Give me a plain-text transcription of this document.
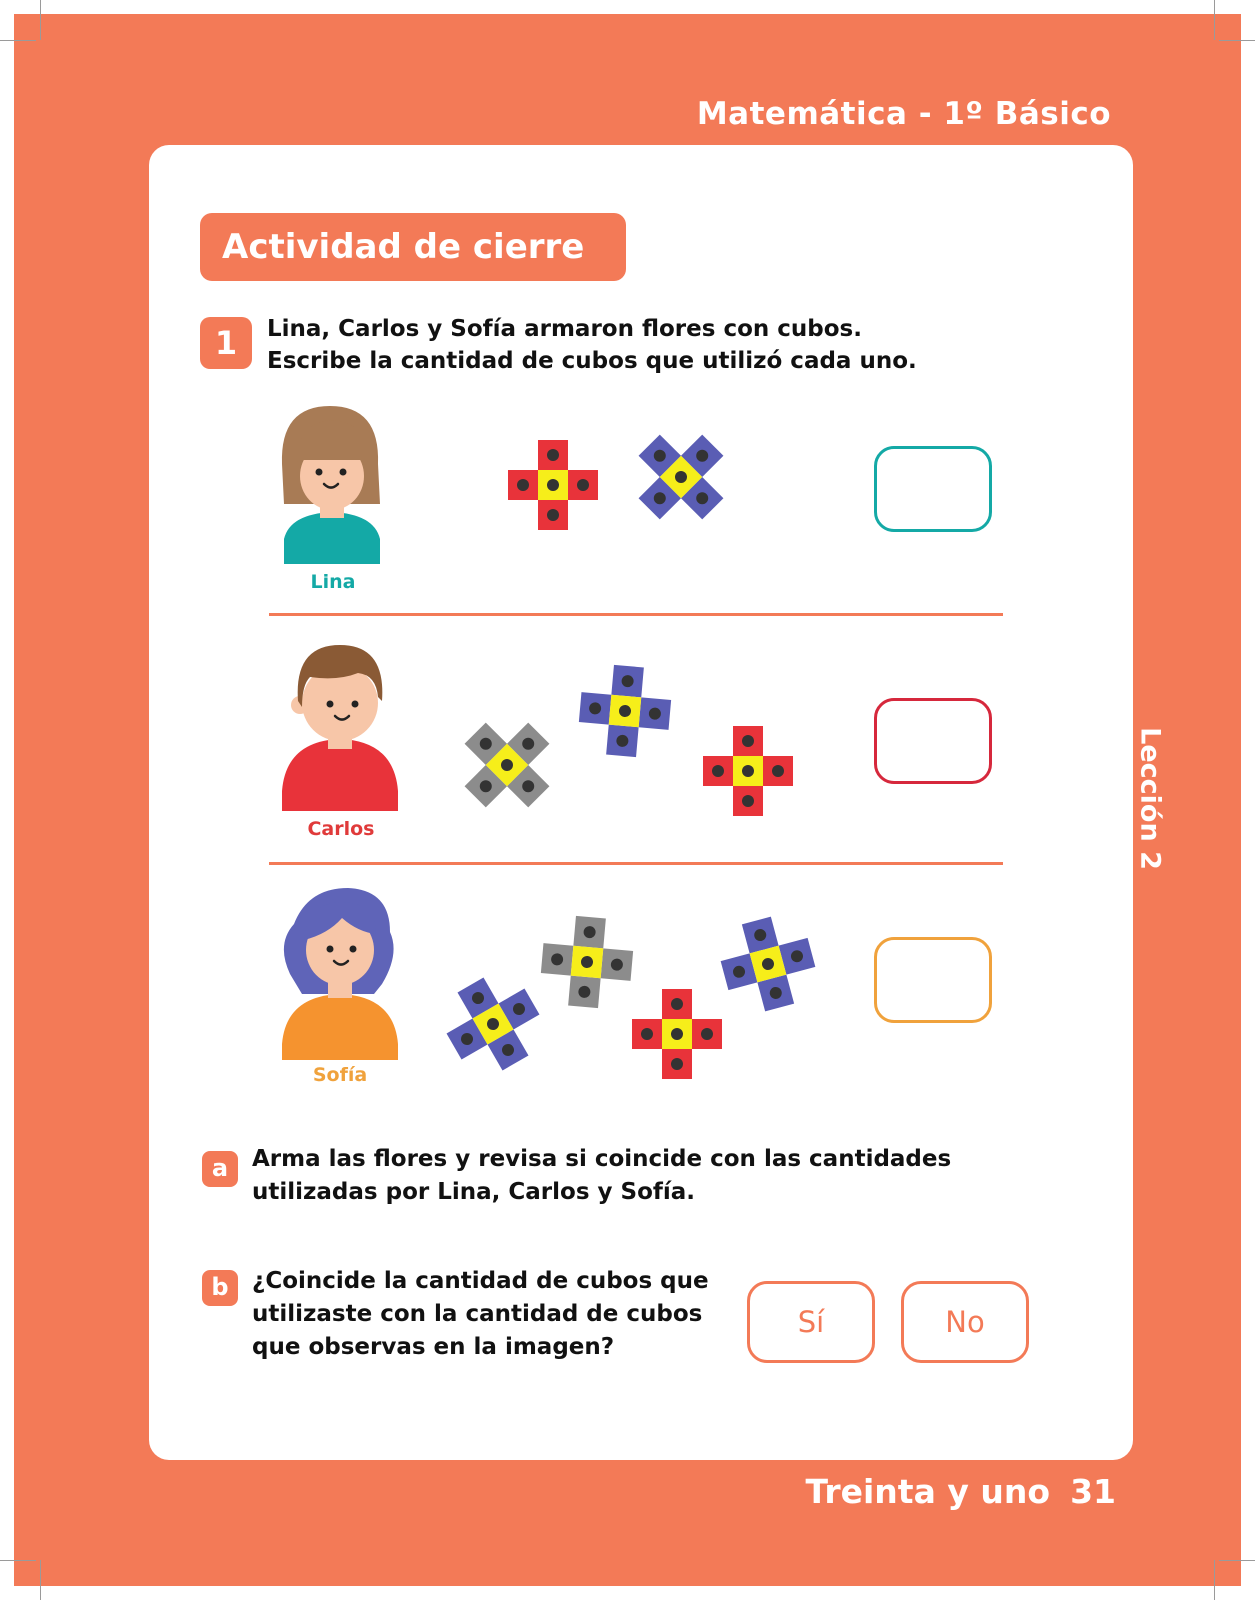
Matemática - 1º Básico
Lección 2
Actividad de cierre
1	Lina, Carlos y Sofía armaron flores con cubos.
Escribe la cantidad de cubos que utilizó cada uno.
Lina
Carlos
Sofía
a	Arma las flores y revisa si coincide con las cantidades
utilizadas por Lina, Carlos y Sofía.
b	¿Coincide la cantidad de cubos que
utilizaste con la cantidad de cubos
que observas en la imagen?
Sí	No
Treinta y uno 31
